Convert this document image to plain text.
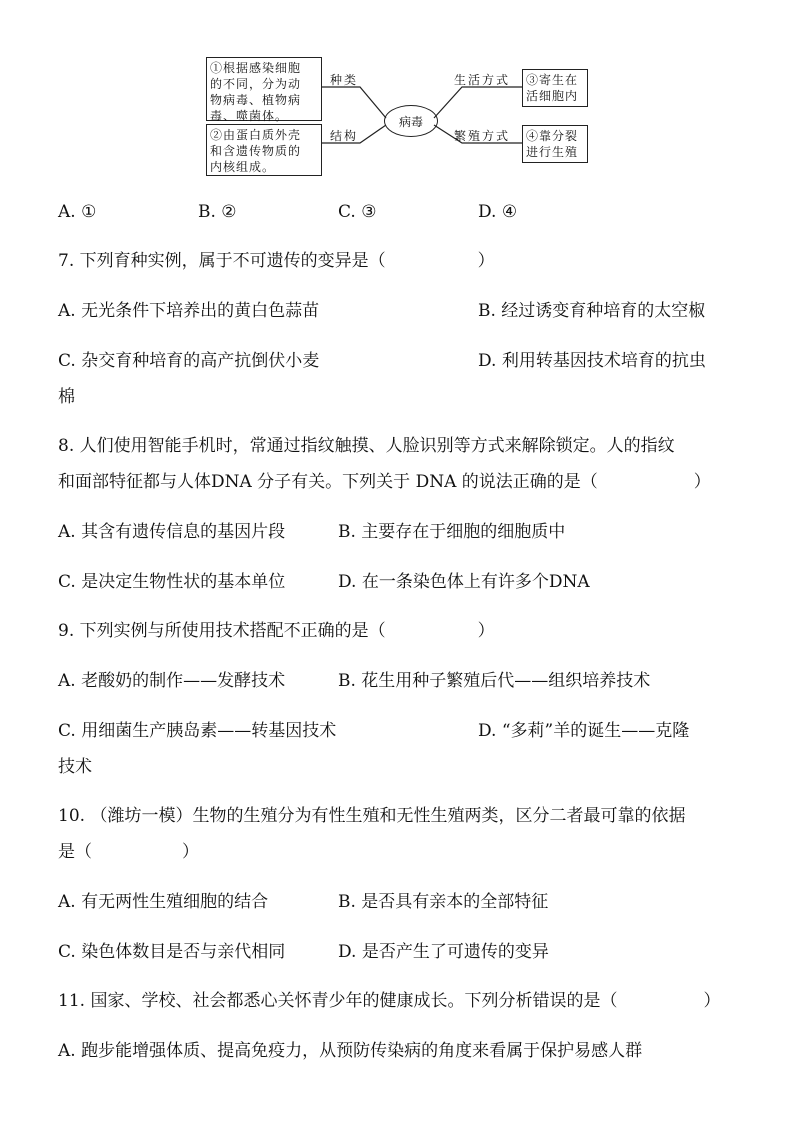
①根据感染细胞
的不同，分为动
物病毒、植物病
毒、噬菌体。
②由蛋白质外壳
和含遗传物质的
内核组成。
种类
结构
病毒
生活方式
繁殖方式
③寄生在
活细胞内
④靠分裂
进行生殖
A. ①	B. ②	C. ③	D. ④
7. 下列育种实例，属于不可遗传的变异是（	）
A. 无光条件下培养出的黄白色蒜苗	B. 经过诱变育种培育的太空椒
C. 杂交育种培育的高产抗倒伏小麦	D. 利用转基因技术培育的抗虫
棉
8. 人们使用智能手机时，常通过指纹触摸、人脸识别等方式来解除锁定。人的指纹
和面部特征都与人体DNA 分子有关。下列关于 DNA 的说法正确的是（	）
A. 其含有遗传信息的基因片段	B. 主要存在于细胞的细胞质中
C. 是决定生物性状的基本单位	D. 在一条染色体上有许多个DNA
9. 下列实例与所使用技术搭配不正确的是（	）
A. 老酸奶的制作——发酵技术	B. 花生用种子繁殖后代——组织培养技术
C. 用细菌生产胰岛素——转基因技术	D. “多莉”羊的诞生——克隆
技术
10. （潍坊一模）生物的生殖分为有性生殖和无性生殖两类，区分二者最可靠的依据
是（	）
A. 有无两性生殖细胞的结合	B. 是否具有亲本的全部特征
C. 染色体数目是否与亲代相同	D. 是否产生了可遗传的变异
11. 国家、学校、社会都悉心关怀青少年的健康成长。下列分析错误的是（	）
A. 跑步能增强体质、提高免疫力，从预防传染病的角度来看属于保护易感人群
